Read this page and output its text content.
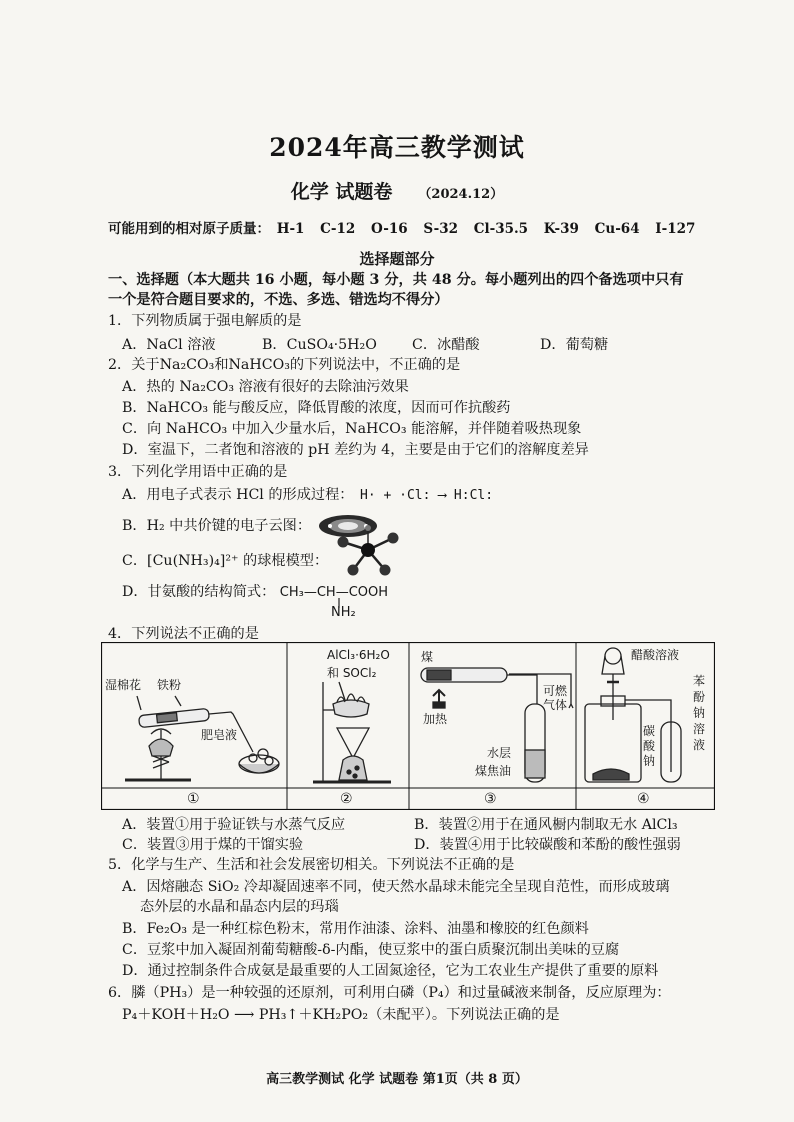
2024年高三教学测试
化学 试题卷 （2024.12）
可能用到的相对原子质量： H-1 C-12 O-16 S-32 Cl-35.5 K-39 Cu-64 I-127
选择题部分
一、选择题（本大题共 16 小题，每小题 3 分，共 48 分。每小题列出的四个备选项中只有
一个是符合题目要求的，不选、多选、错选均不得分）
1．下列物质属于强电解质的是
A．NaCl 溶液	B．CuSO₄·5H₂O C．冰醋酸	D．葡萄糖
2．关于Na₂CO₃和NaHCO₃的下列说法中，不正确的是
A．热的 Na₂CO₃ 溶液有很好的去除油污效果
B．NaHCO₃ 能与酸反应，降低胃酸的浓度，因而可作抗酸药
C．向 NaHCO₃ 中加入少量水后，NaHCO₃ 能溶解，并伴随着吸热现象
D．室温下，二者饱和溶液的 pH 差约为 4，主要是由于它们的溶解度差异
3．下列化学用语中正确的是
A．用电子式表示 HCl 的形成过程： H· + ·Cl: ⟶ H:Cl:
B．H₂ 中共价键的电子云图：
C．[Cu(NH₃)₄]²⁺ 的球棍模型：
D．甘氨酸的结构简式： CH₃—CH—COOH
NH₂
4．下列说法不正确的是
湿棉花 铁粉
肥皂液
AlCl₃·6H₂O
和 SOCl₂
煤
加热
可燃
气体
水层
煤焦油
醋酸溶液
碳
酸
钠
苯
酚
钠
溶
液
①	②	③	④
A．装置①用于验证铁与水蒸气反应	B．装置②用于在通风橱内制取无水 AlCl₃
C．装置③用于煤的干馏实验	D．装置④用于比较碳酸和苯酚的酸性强弱
5．化学与生产、生活和社会发展密切相关。下列说法不正确的是
A．因熔融态 SiO₂ 冷却凝固速率不同，使天然水晶球未能完全呈现自范性，而形成玻璃
态外层的水晶和晶态内层的玛瑙
B．Fe₂O₃ 是一种红棕色粉末，常用作油漆、涂料、油墨和橡胶的红色颜料
C．豆浆中加入凝固剂葡萄糖酸-δ-内酯，使豆浆中的蛋白质聚沉制出美味的豆腐
D．通过控制条件合成氨是最重要的人工固氮途径，它为工农业生产提供了重要的原料
6．膦（PH₃）是一种较强的还原剂，可利用白磷（P₄）和过量碱液来制备，反应原理为：
P₄＋KOH＋H₂O ⟶ PH₃↑＋KH₂PO₂（未配平）。下列说法正确的是
高三教学测试 化学 试题卷 第1页（共 8 页）
